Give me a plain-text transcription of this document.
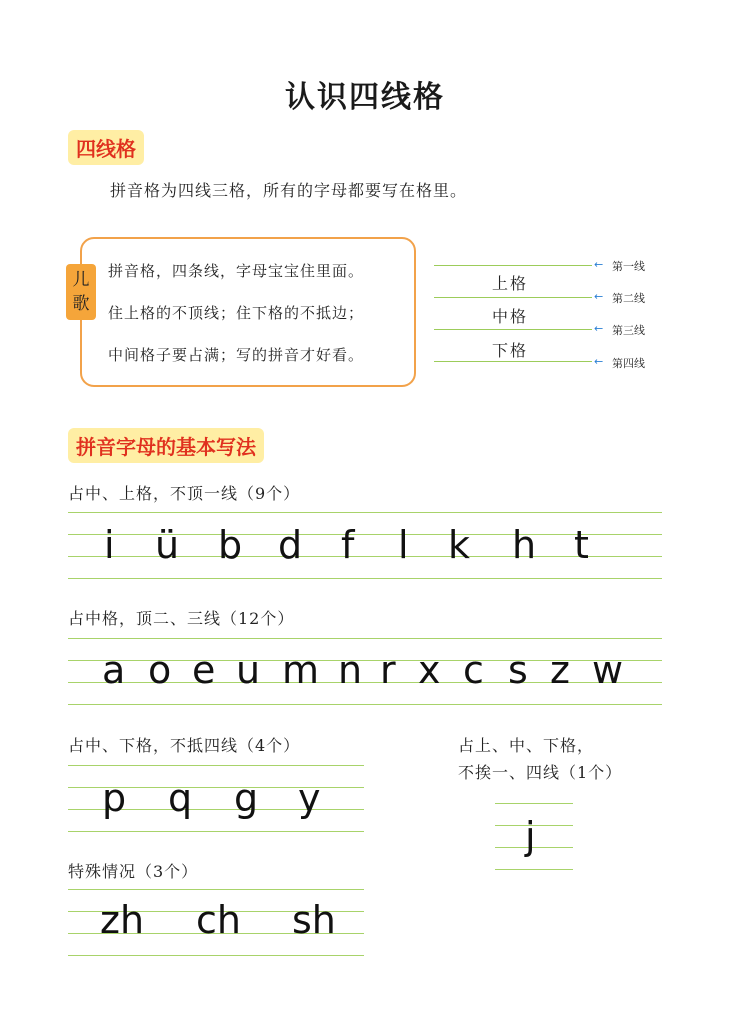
认识四线格
四线格
拼音格为四线三格，所有的字母都要写在格里。
儿
歌
拼音格，四条线，字母宝宝住里面。
住上格的不顶线；住下格的不抵边；
中间格子要占满；写的拼音才好看。
上格
中格
下格
← 第一线
← 第二线
← 第三线
← 第四线
拼音字母的基本写法
占中、上格，不顶一线（9个）
i ü b d f l k h t
占中格，顶二、三线（12个）
a o e u m n r x c s z w
占中、下格，不抵四线（4个）
p q g y
占上、中、下格，
不挨一、四线（1个）
j
特殊情况（3个）
zh ch sh
